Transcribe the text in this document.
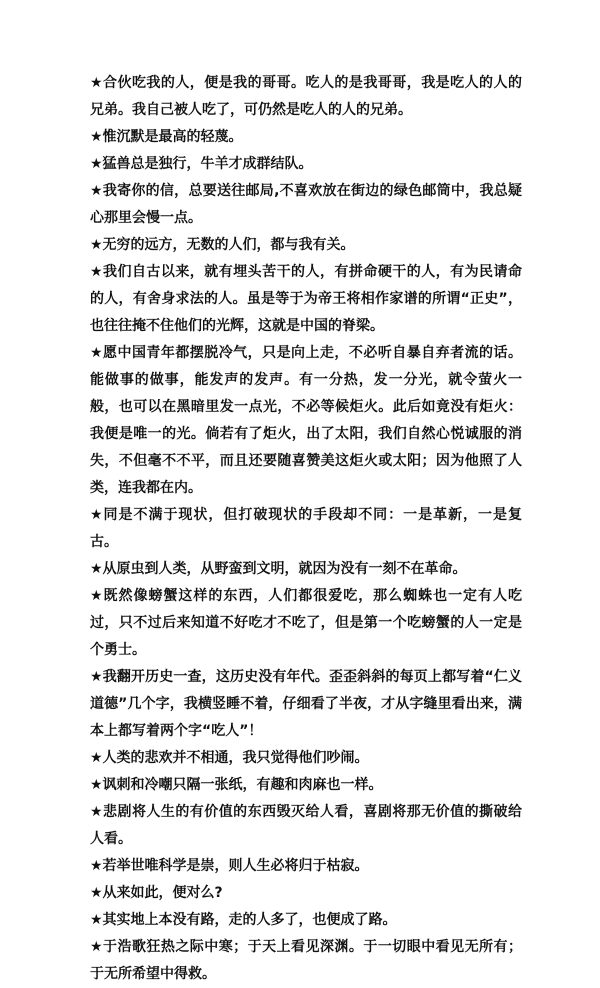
★合伙吃我的人，便是我的哥哥。吃人的是我哥哥，我是吃人的人的兄弟。我自己被人吃了，可仍然是吃人的人的兄弟。

★惟沉默是最高的轻蔑。

★猛兽总是独行，牛羊才成群结队。

★我寄你的信，总要送往邮局,不喜欢放在街边的绿色邮筒中，我总疑心那里会慢一点。

★无穷的远方，无数的人们，都与我有关。

★我们自古以来，就有埋头苦干的人，有拼命硬干的人，有为民请命的人，有舍身求法的人。虽是等于为帝王将相作家谱的所谓“正史”，也往往掩不住他们的光辉，这就是中国的脊梁。

★愿中国青年都摆脱冷气，只是向上走，不必听自暴自弃者流的话。能做事的做事，能发声的发声。有一分热，发一分光，就令萤火一般，也可以在黑暗里发一点光，不必等候炬火。此后如竟没有炬火：我便是唯一的光。倘若有了炬火，出了太阳，我们自然心悦诚服的消失，不但毫不不平，而且还要随喜赞美这炬火或太阳；因为他照了人类，连我都在内。

★同是不满于现状，但打破现状的手段却不同：一是革新，一是复古。

★从原虫到人类，从野蛮到文明，就因为没有一刻不在革命。

★既然像螃蟹这样的东西，人们都很爱吃，那么蜘蛛也一定有人吃过，只不过后来知道不好吃才不吃了，但是第一个吃螃蟹的人一定是个勇士。

★我翻开历史一查，这历史没有年代。歪歪斜斜的每页上都写着“仁义道德”几个字，我横竖睡不着，仔细看了半夜，才从字缝里看出来，满本上都写着两个字“吃人”！

★人类的悲欢并不相通，我只觉得他们吵闹。

★讽刺和冷嘲只隔一张纸，有趣和肉麻也一样。

★悲剧将人生的有价值的东西毁灭给人看，喜剧将那无价值的撕破给人看。

★若举世唯科学是崇，则人生必将归于枯寂。

★从来如此，便对么?

★其实地上本没有路，走的人多了，也便成了路。

★于浩歌狂热之际中寒；于天上看见深渊。于一切眼中看见无所有；于无所希望中得救。
